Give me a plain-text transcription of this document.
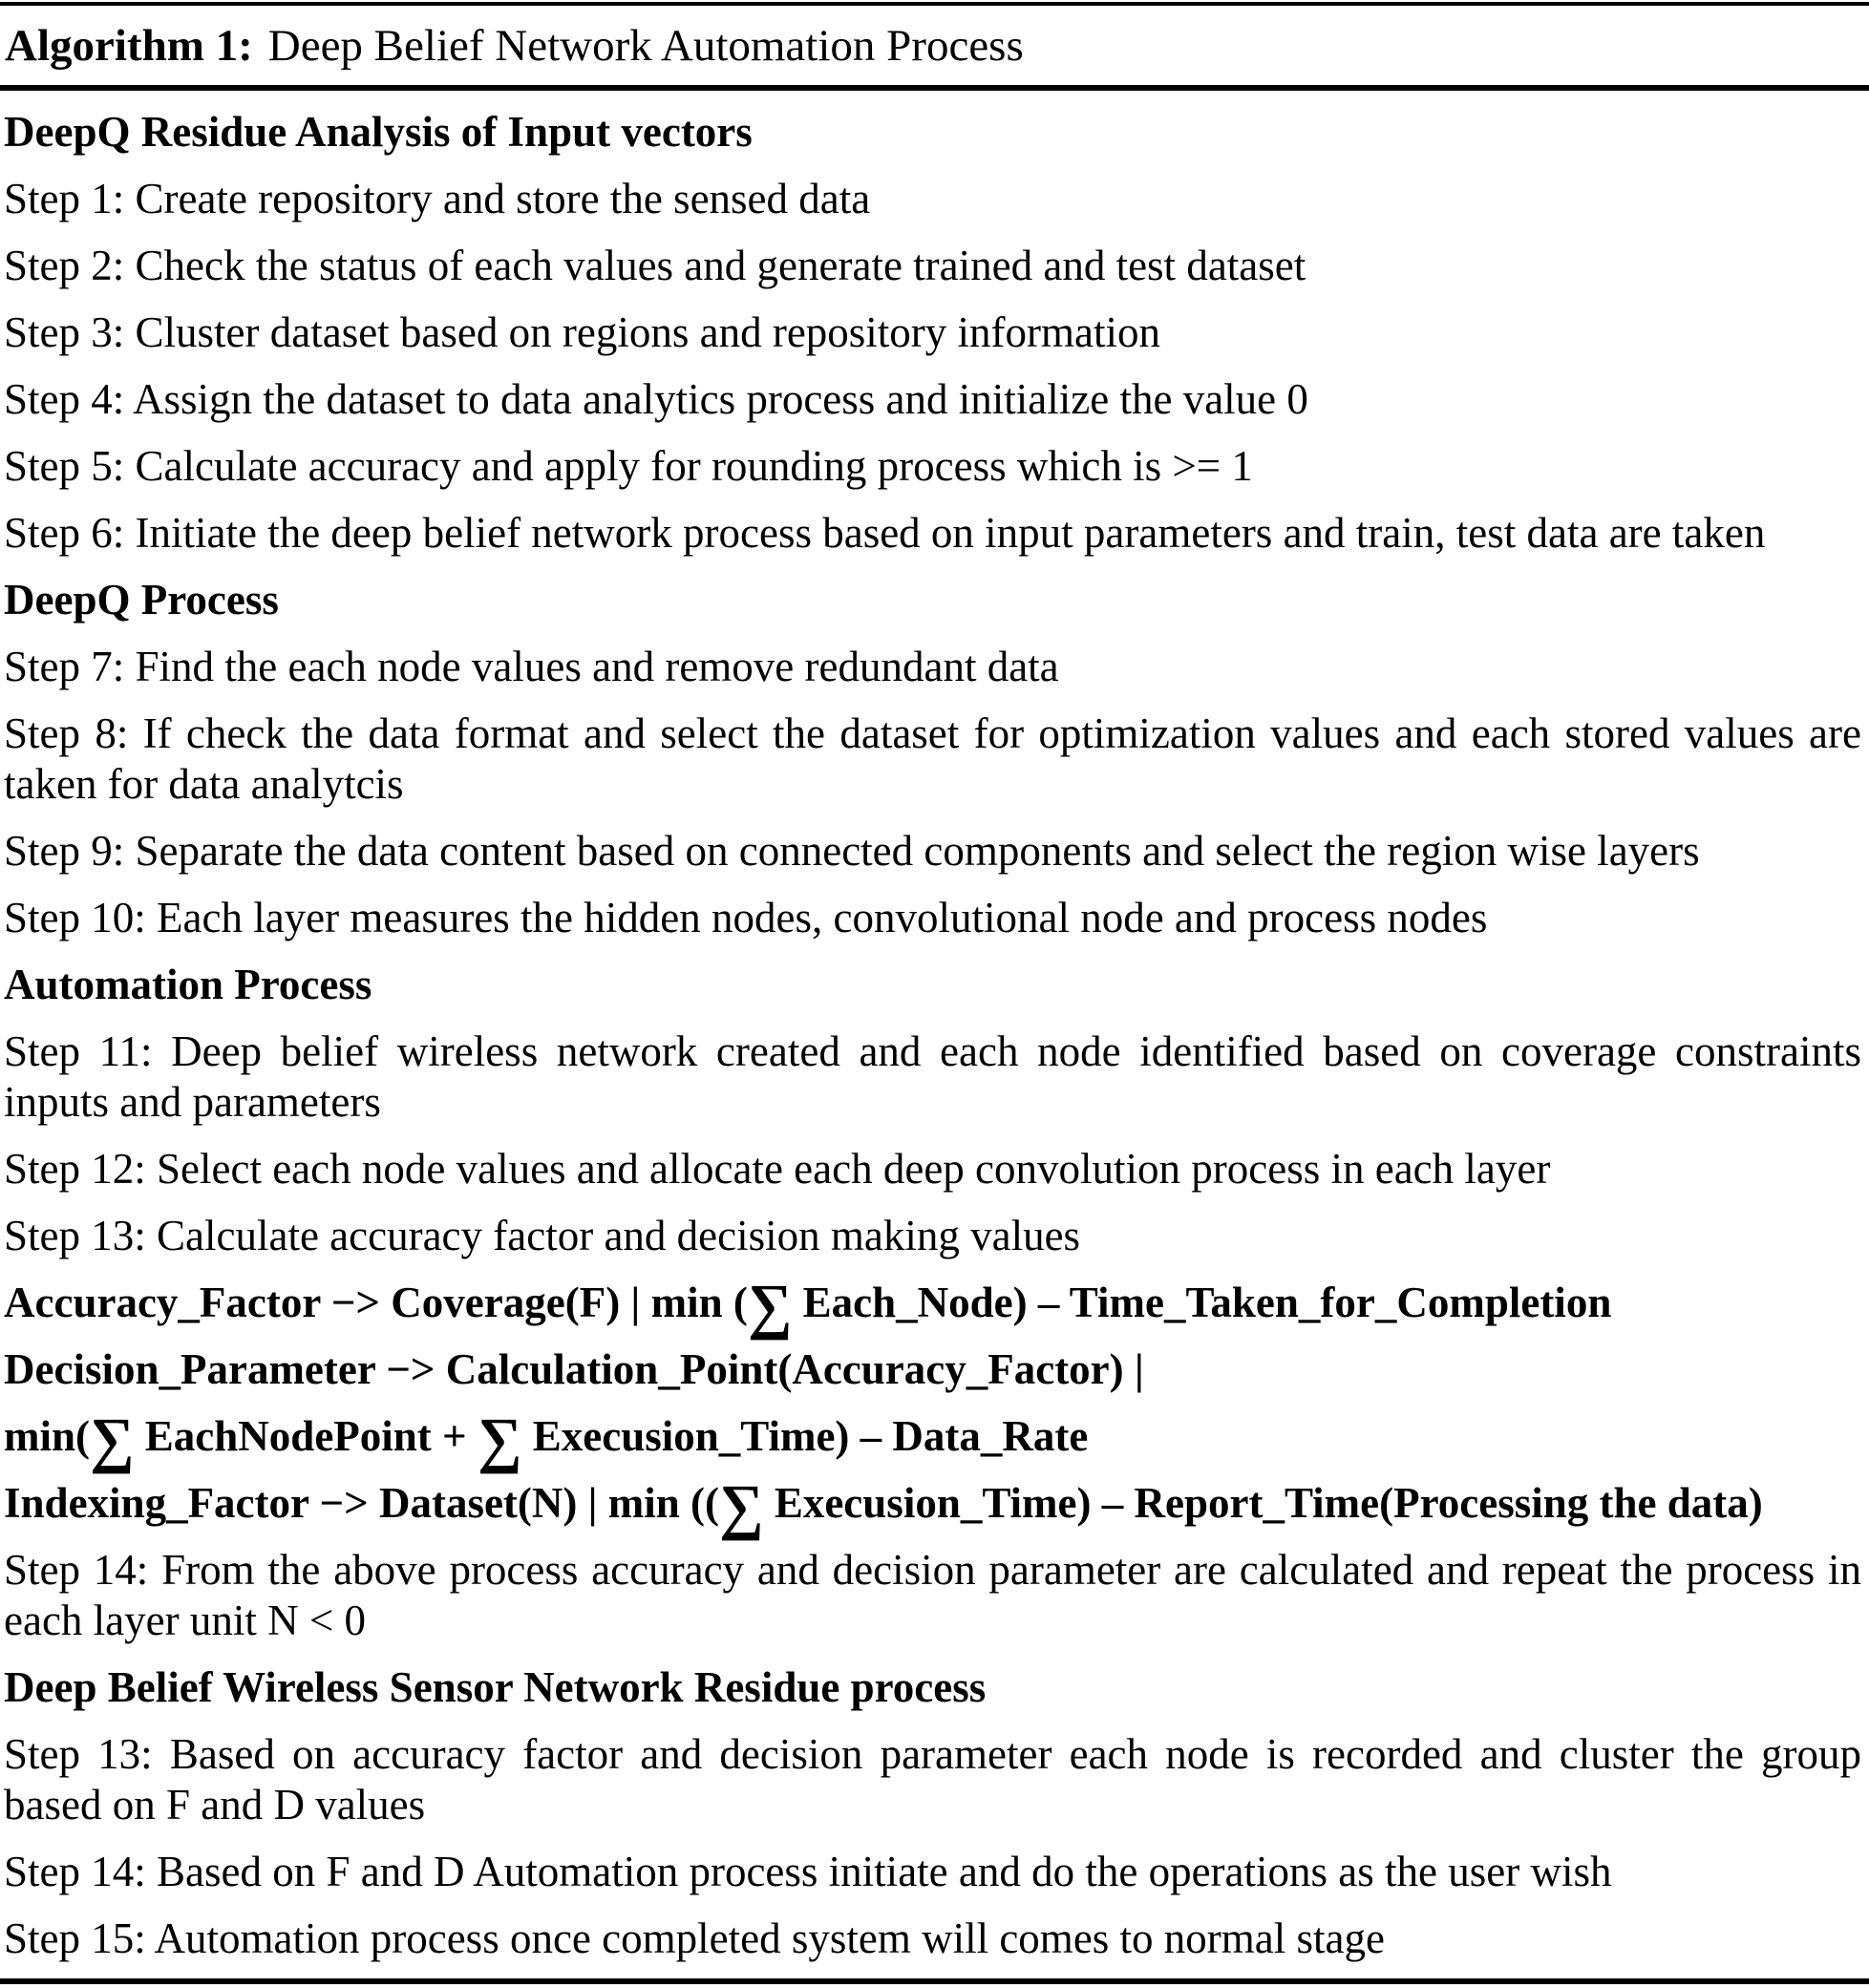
Algorithm 1: Deep Belief Network Automation Process

DeepQ Residue Analysis of Input vectors

Step 1: Create repository and store the sensed data

Step 2: Check the status of each values and generate trained and test dataset

Step 3: Cluster dataset based on regions and repository information

Step 4: Assign the dataset to data analytics process and initialize the value 0

Step 5: Calculate accuracy and apply for rounding process which is >= 1

Step 6: Initiate the deep belief network process based on input parameters and train, test data are taken

DeepQ Process

Step 7: Find the each node values and remove redundant data

Step 8: If check the data format and select the dataset for optimization values and each stored values are taken for data analytcis

Step 9: Separate the data content based on connected components and select the region wise layers

Step 10: Each layer measures the hidden nodes, convolutional node and process nodes

Automation Process

Step 11: Deep belief wireless network created and each node identified based on coverage constraints inputs and parameters

Step 12: Select each node values and allocate each deep convolution process in each layer

Step 13: Calculate accuracy factor and decision making values

Accuracy_Factor −> Coverage(F) | min (∑ Each_Node) – Time_Taken_for_Completion

Decision_Parameter −> Calculation_Point(Accuracy_Factor) |

min(∑ EachNodePoint + ∑ Execusion_Time) – Data_Rate

Indexing_Factor −> Dataset(N) | min ((∑ Execusion_Time) – Report_Time(Processing the data)

Step 14: From the above process accuracy and decision parameter are calculated and repeat the process in each layer unit N < 0

Deep Belief Wireless Sensor Network Residue process

Step 13: Based on accuracy factor and decision parameter each node is recorded and cluster the group based on F and D values

Step 14: Based on F and D Automation process initiate and do the operations as the user wish

Step 15: Automation process once completed system will comes to normal stage
